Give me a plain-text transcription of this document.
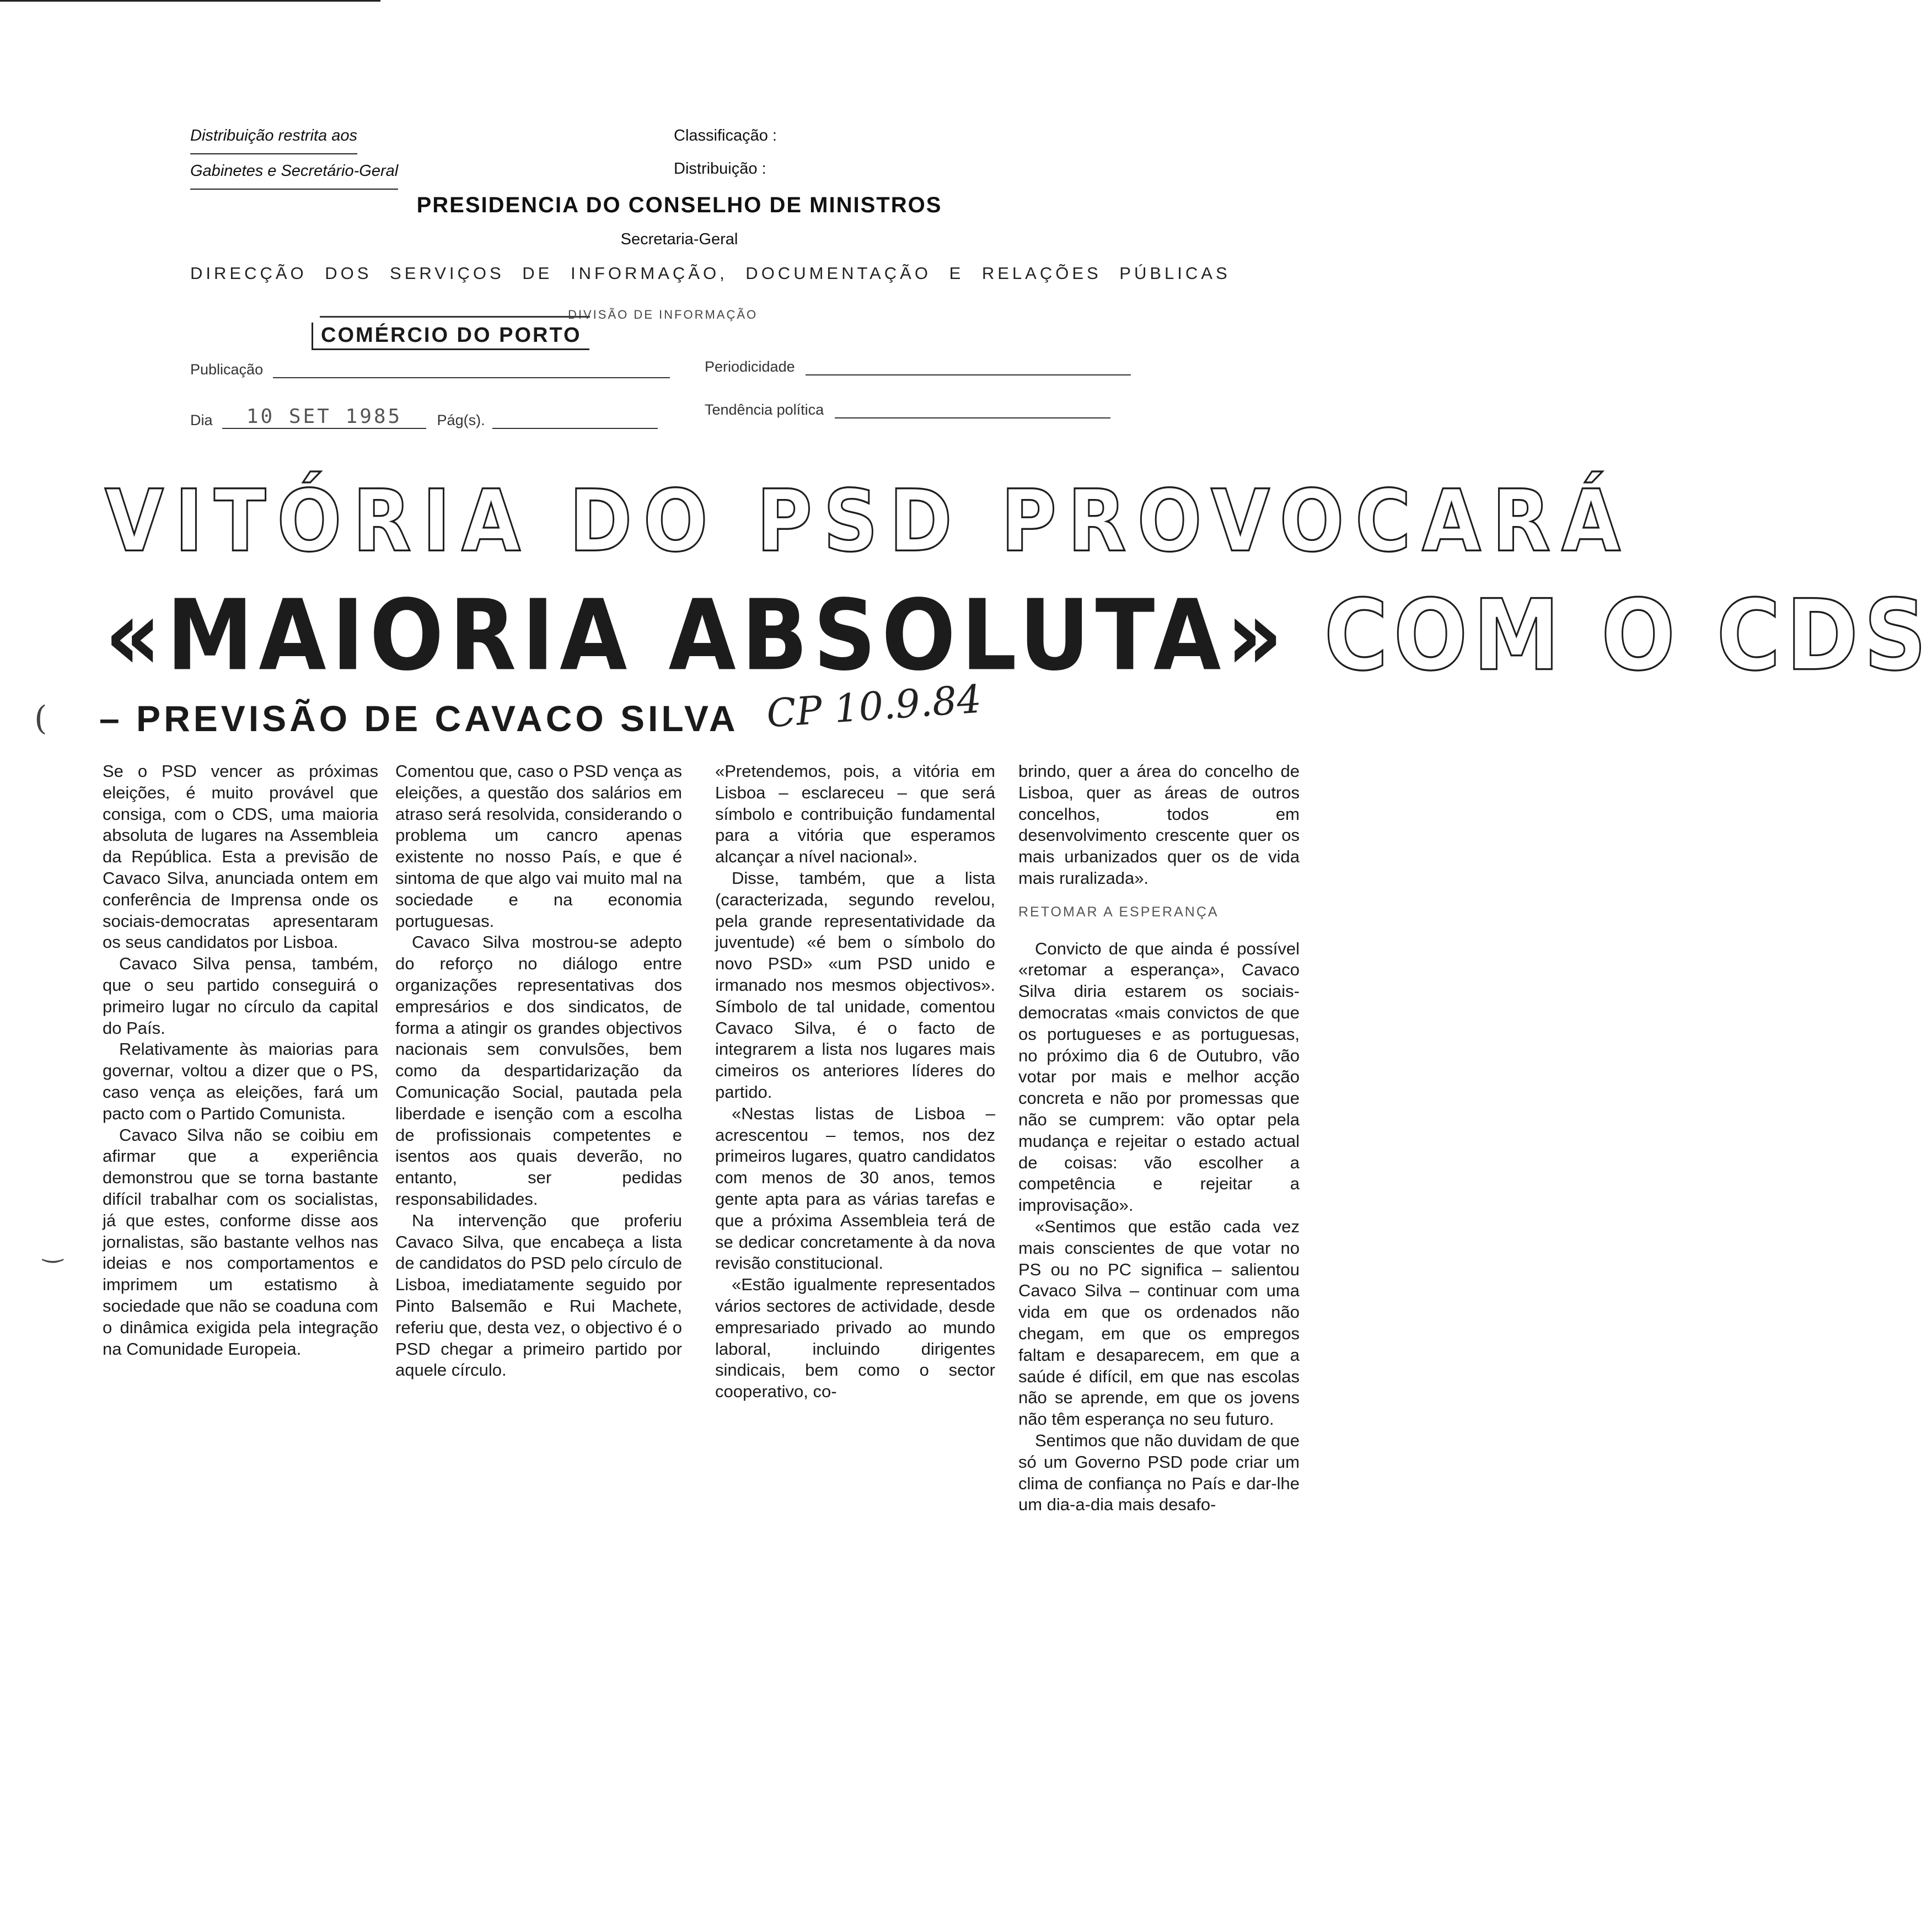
Distribuição restrita aos
Gabinetes e Secretário-Geral
Classificação :
Distribuição :
PRESIDENCIA DO CONSELHO DE MINISTROS
Secretaria-Geral
DIRECÇÃO DOS SERVIÇOS DE INFORMAÇÃO, DOCUMENTAÇÃO E RELAÇÕES PÚBLICAS
DIVISÃO DE INFORMAÇÃO
COMÉRCIO DO PORTO
Publicação	Periodicidade
Dia 10 SET 1985 Pág(s).
Tendência política
VITÓRIA DO PSD PROVOCARÁ
«MAIORIA ABSOLUTA» COM O CDS
– PREVISÃO DE CAVACO SILVA CP 10.9.84
(
‿

Se o PSD vencer as próximas eleições, é muito provável que consiga, com o CDS, uma maioria absoluta de lugares na Assembleia da República. Esta a previsão de Cavaco Silva, anunciada ontem em conferência de Imprensa onde os sociais-democratas apresentaram os seus candidatos por Lisboa.

Cavaco Silva pensa, também, que o seu partido conseguirá o primeiro lugar no círculo da capital do País.

Relativamente às maiorias para governar, voltou a dizer que o PS, caso vença as eleições, fará um pacto com o Partido Comunista.

Cavaco Silva não se coibiu em afirmar que a experiência demonstrou que se torna bastante difícil trabalhar com os socialistas, já que estes, conforme disse aos jornalistas, são bastante velhos nas ideias e nos comportamentos e imprimem um estatismo à sociedade que não se coaduna com o dinâmica exigida pela integração na Comunidade Europeia.

Comentou que, caso o PSD vença as eleições, a questão dos salários em atraso será resolvida, considerando o problema um cancro apenas existente no nosso País, e que é sintoma de que algo vai muito mal na sociedade e na economia portuguesas.

Cavaco Silva mostrou-se adepto do reforço no diálogo entre organizações representativas dos empresários e dos sindicatos, de forma a atingir os grandes objectivos nacionais sem convulsões, bem como da despartidarização da Comunicação Social, pautada pela liberdade e isenção com a escolha de profissionais competentes e isentos aos quais deverão, no entanto, ser pedidas responsabilidades.

Na intervenção que proferiu Cavaco Silva, que encabeça a lista de candidatos do PSD pelo círculo de Lisboa, imediatamente seguido por Pinto Balsemão e Rui Machete, referiu que, desta vez, o objectivo é o PSD chegar a primeiro partido por aquele círculo.

«Pretendemos, pois, a vitória em Lisboa – esclareceu – que será símbolo e contribuição fundamental para a vitória que esperamos alcançar a nível nacional».

Disse, também, que a lista (caracterizada, segundo revelou, pela grande representatividade da juventude) «é bem o símbolo do novo PSD» «um PSD unido e irmanado nos mesmos objectivos». Símbolo de tal unidade, comentou Cavaco Silva, é o facto de integrarem a lista nos lugares mais cimeiros os anteriores líderes do partido.

«Nestas listas de Lisboa – acrescentou – temos, nos dez primeiros lugares, quatro candidatos com menos de 30 anos, temos gente apta para as várias tarefas e que a próxima Assembleia terá de se dedicar concretamente à da nova revisão constitucional.

«Estão igualmente representados vários sectores de actividade, desde empresariado privado ao mundo laboral, incluindo dirigentes sindicais, bem como o sector cooperativo, co-

brindo, quer a área do concelho de Lisboa, quer as áreas de outros concelhos, todos em desenvolvimento crescente quer os mais urbanizados quer os de vida mais ruralizada».

RETOMAR A ESPERANÇA

Convicto de que ainda é possível «retomar a esperança», Cavaco Silva diria estarem os sociais-democratas «mais convictos de que os portugueses e as portuguesas, no próximo dia 6 de Outubro, vão votar por mais e melhor acção concreta e não por promessas que não se cumprem: vão optar pela mudança e rejeitar o estado actual de coisas: vão escolher a competência e rejeitar a improvisação».

«Sentimos que estão cada vez mais conscientes de que votar no PS ou no PC significa – salientou Cavaco Silva – continuar com uma vida em que os ordenados não chegam, em que os empregos faltam e desaparecem, em que a saúde é difícil, em que nas escolas não se aprende, em que os jovens não têm esperança no seu futuro.

Sentimos que não duvidam de que só um Governo PSD pode criar um clima de confiança no País e dar-lhe um dia-a-dia mais desafo-
